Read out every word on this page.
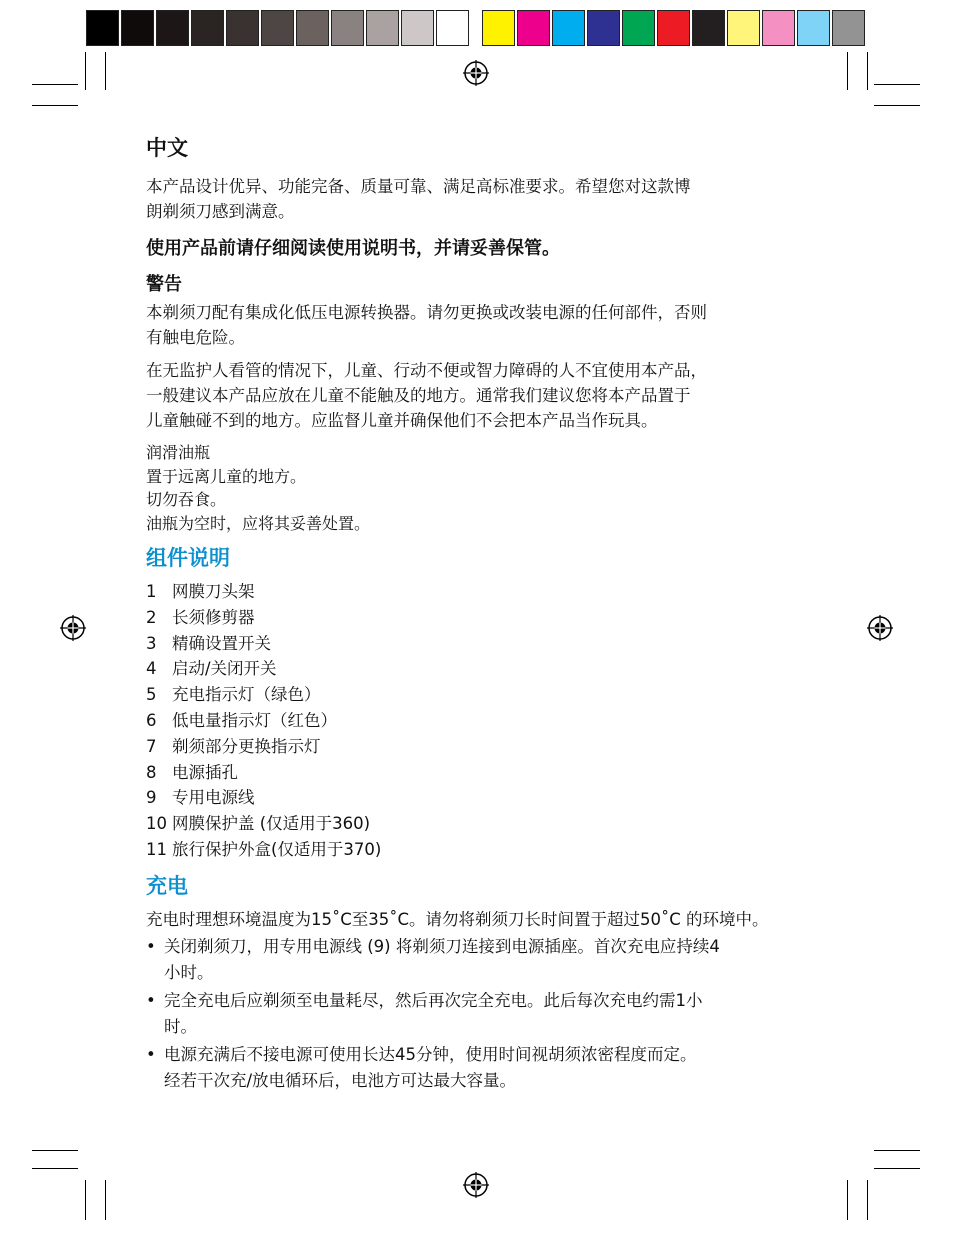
中文

本产品设计优异、功能完备、质量可靠、满足高标准要求。希望您对这款博

朗剃须刀感到满意。

使用产品前请仔细阅读使用说明书，并请妥善保管。
警告

本剃须刀配有集成化低压电源转换器。请勿更换或改装电源的任何部件，否则

有触电危险。

在无监护人看管的情况下，儿童、行动不便或智力障碍的人不宜使用本产品，

一般建议本产品应放在儿童不能触及的地方。通常我们建议您将本产品置于

儿童触碰不到的地方。应监督儿童并确保他们不会把本产品当作玩具。

润滑油瓶
置于远离儿童的地方。
切勿吞食。
油瓶为空时，应将其妥善处置。
组件说明
1 网膜刀头架
2 长须修剪器
3 精确设置开关
4 启动/关闭开关
5 充电指示灯（绿色）
6 低电量指示灯（红色）
7 剃须部分更换指示灯
8 电源插孔
9 专用电源线
10 网膜保护盖 (仅适用于360)
11 旅行保护外盒(仅适用于370)
充电

充电时理想环境温度为15˚C至35˚C。请勿将剃须刀长时间置于超过50˚C 的环境中。

• 关闭剃须刀，用专用电源线 (9) 将剃须刀连接到电源插座。首次充电应持续4
小时。
• 完全充电后应剃须至电量耗尽，然后再次完全充电。此后每次充电约需1小
时。
• 电源充满后不接电源可使用长达45分钟，使用时间视胡须浓密程度而定。
经若干次充/放电循环后，电池方可达最大容量。
